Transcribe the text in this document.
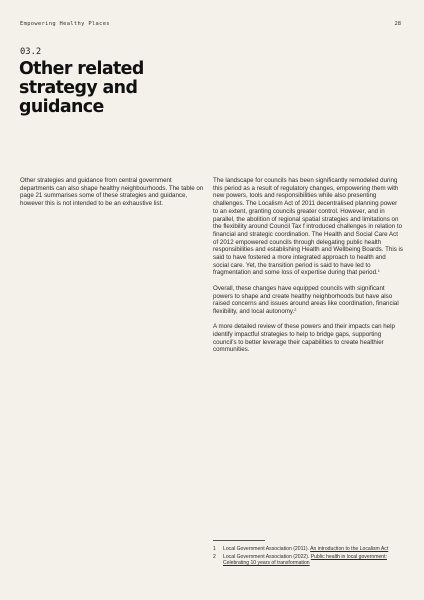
Empowering Healthy Places	28
03.2
Other related
strategy and
guidance

Other strategies and guidance from central government departments can also shape healthy neighbourhoods. The table on page 21 summarises some of these strategies and guidance, however this is not intended to be an exhaustive list.

The landscape for councils has been significantly remodeled during this period as a result of regulatory changes, empowering them with new powers, tools and responsibilities while also presenting challenges. The Localism Act of 2011 decentralised planning power to an extent, granting councils greater control. However, and in parallel, the abolition of regional spatial strategies and limitations on the flexibility around Council Tax f introduced challenges in relation to financial and strategic coordination. The Health and Social Care Act of 2012 empowered councils through delegating public health responsibilities and establishing Health and Wellbeing Boards. This is said to have fostered a more integrated approach to health and social care. Yet, the transition period is said to have led to fragmentation and some loss of expertise during that period.$^1$

Overall, these changes have equipped councils with significant powers to shape and create healthy neighborhoods but have also raised concerns and issues around areas like coordination, financial flexibility, and local autonomy.$^2$

A more detailed review of these powers and their impacts can help identify impactful strategies to help to bridge gaps, supporting council's to better leverage their capabilities to create healthier communities.

1	Local Government Association (2011). An introduction to the Localism Act
2	Local Government Association (2022). Public health in local government: Celebrating 10 years of transformation
